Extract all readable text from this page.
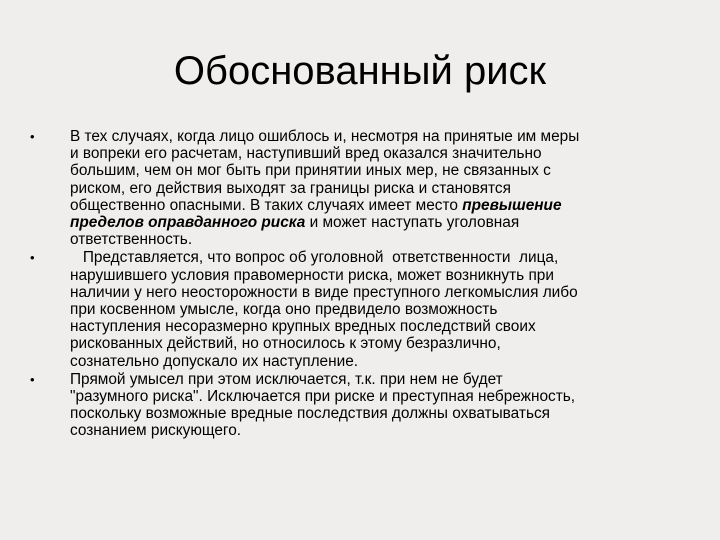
Обоснованный риск
•	В тех случаях, когда лицо ошиблось и, несмотря на принятые им меры
и вопреки его расчетам, наступивший вред оказался значительно
большим, чем он мог быть при принятии иных мер, не связанных с
риском, его действия выходят за границы риска и становятся
общественно опасными. В таких случаях имеет место превышение
пределов оправданного риска и может наступать уголовная
ответственность.
•	Представляется, что вопрос об уголовной  ответственности  лица,
нарушившего условия правомерности риска, может возникнуть при
наличии у него неосторожности в виде преступного легкомыслия либо
при косвенном умысле, когда оно предвидело возможность
наступления несоразмерно крупных вредных последствий своих
рискованных действий, но относилось к этому безразлично,
сознательно допускало их наступление.
•	Прямой умысел при этом исключается, т.к. при нем не будет
"разумного риска". Исключается при риске и преступная небрежность,
поскольку возможные вредные последствия должны охватываться
сознанием рискующего.
